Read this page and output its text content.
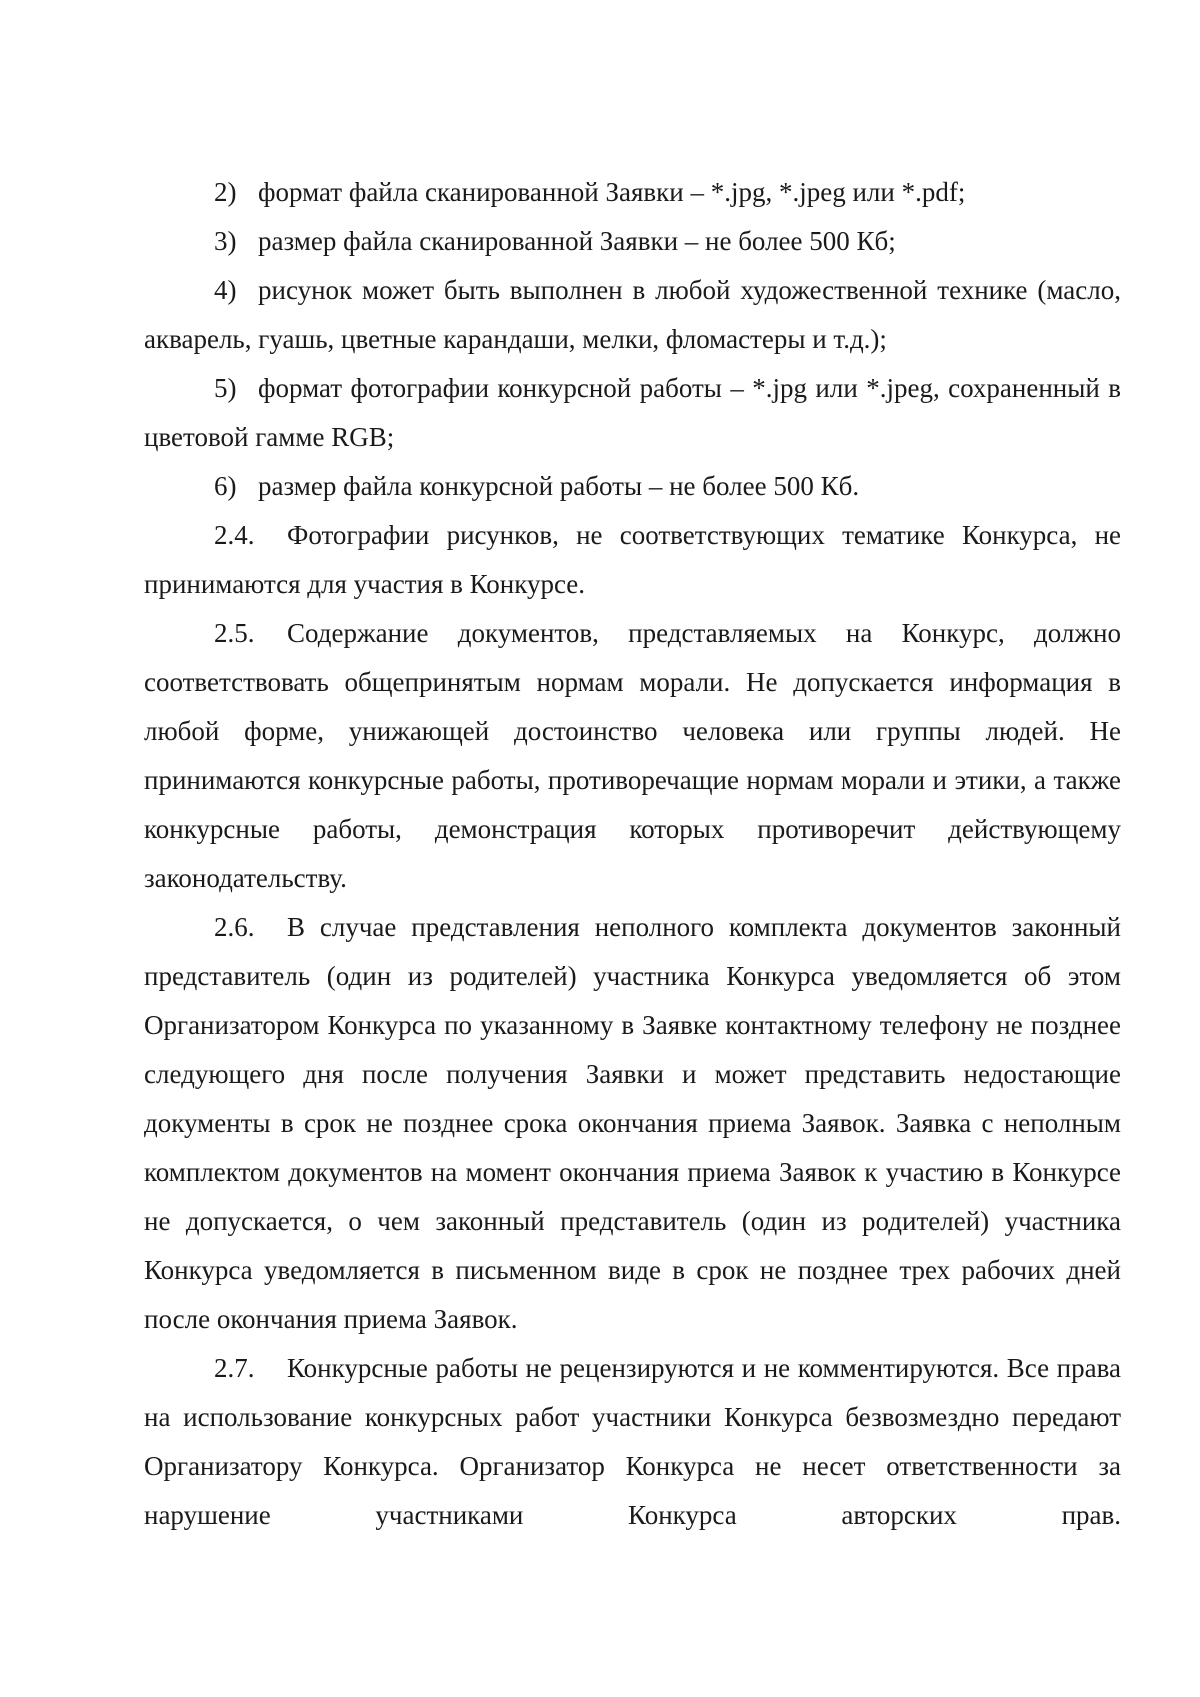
2) формат файла сканированной Заявки – *.jpg, *.jpeg или *.pdf;

3) размер файла сканированной Заявки – не более 500 Кб;

4) рисунок может быть выполнен в любой художественной технике (масло, акварель, гуашь, цветные карандаши, мелки, фломастеры и т.д.);

5) формат фотографии конкурсной работы – *.jpg или *.jpeg, сохраненный в цветовой гамме RGB;

6) размер файла конкурсной работы – не более 500 Кб.

2.4. Фотографии рисунков, не соответствующих тематике Конкурса, не принимаются для участия в Конкурсе.

2.5. Содержание документов, представляемых на Конкурс, должно соответствовать общепринятым нормам морали. Не допускается информация в любой форме, унижающей достоинство человека или группы людей. Не принимаются конкурсные работы, противоречащие нормам морали и этики, а также конкурсные работы, демонстрация которых противоречит действующему законодательству.

2.6. В случае представления неполного комплекта документов законный представитель (один из родителей) участника Конкурса уведомляется об этом Организатором Конкурса по указанному в Заявке контактному телефону не позднее следующего дня после получения Заявки и может представить недостающие документы в срок не позднее срока окончания приема Заявок. Заявка с неполным комплектом документов на момент окончания приема Заявок к участию в Конкурсе не допускается, о чем законный представитель (один из родителей) участника Конкурса уведомляется в письменном виде в срок не позднее трех рабочих дней после окончания приема Заявок.

2.7. Конкурсные работы не рецензируются и не комментируются. Все права на использование конкурсных работ участники Конкурса безвозмездно передают Организатору Конкурса. Организатор Конкурса не несет ответственности за нарушение участниками Конкурса авторских прав.
